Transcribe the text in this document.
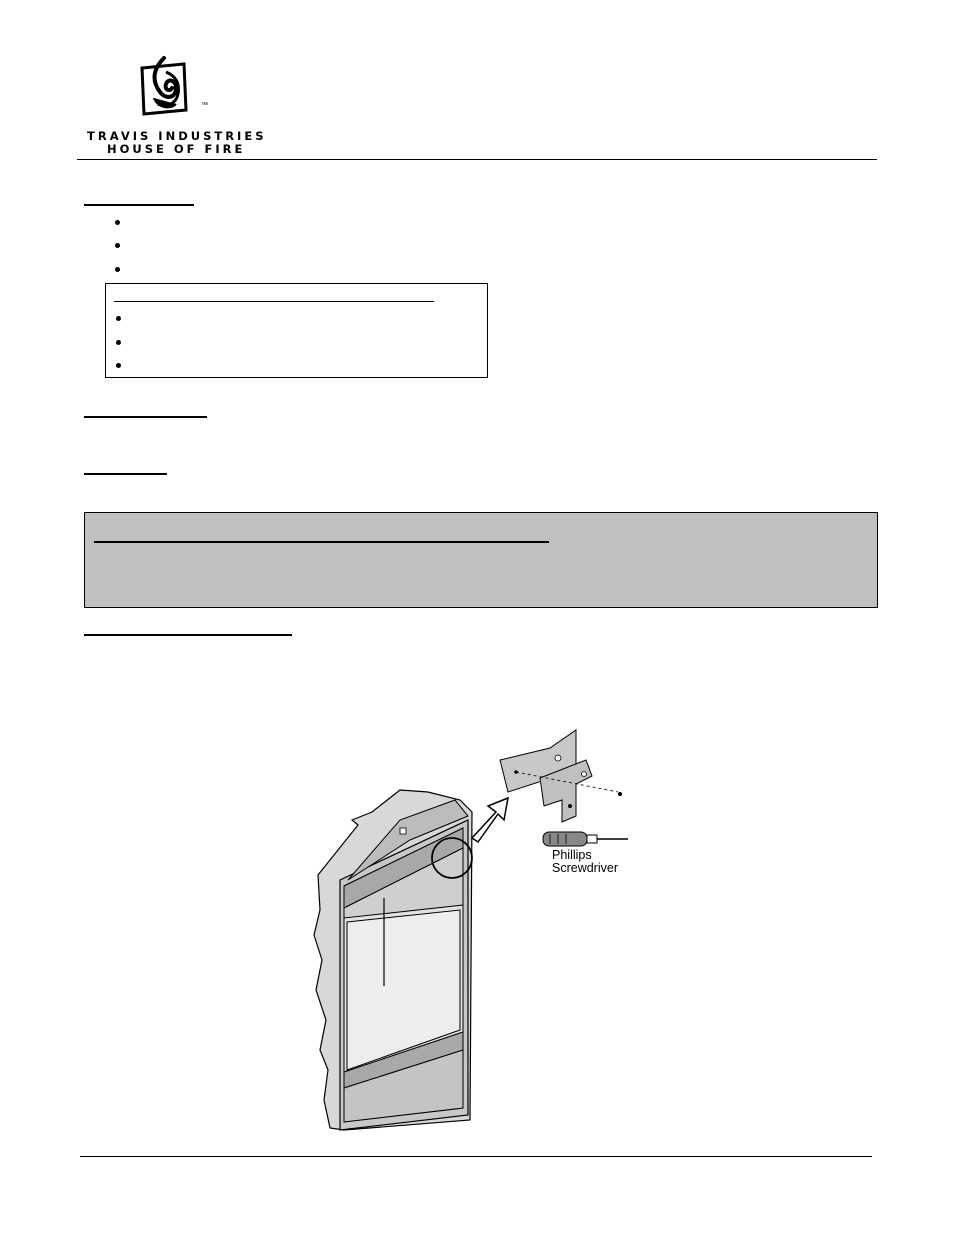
™
TRAVIS INDUSTRIES
HOUSE OF FIRE
Phillips
Screwdriver
